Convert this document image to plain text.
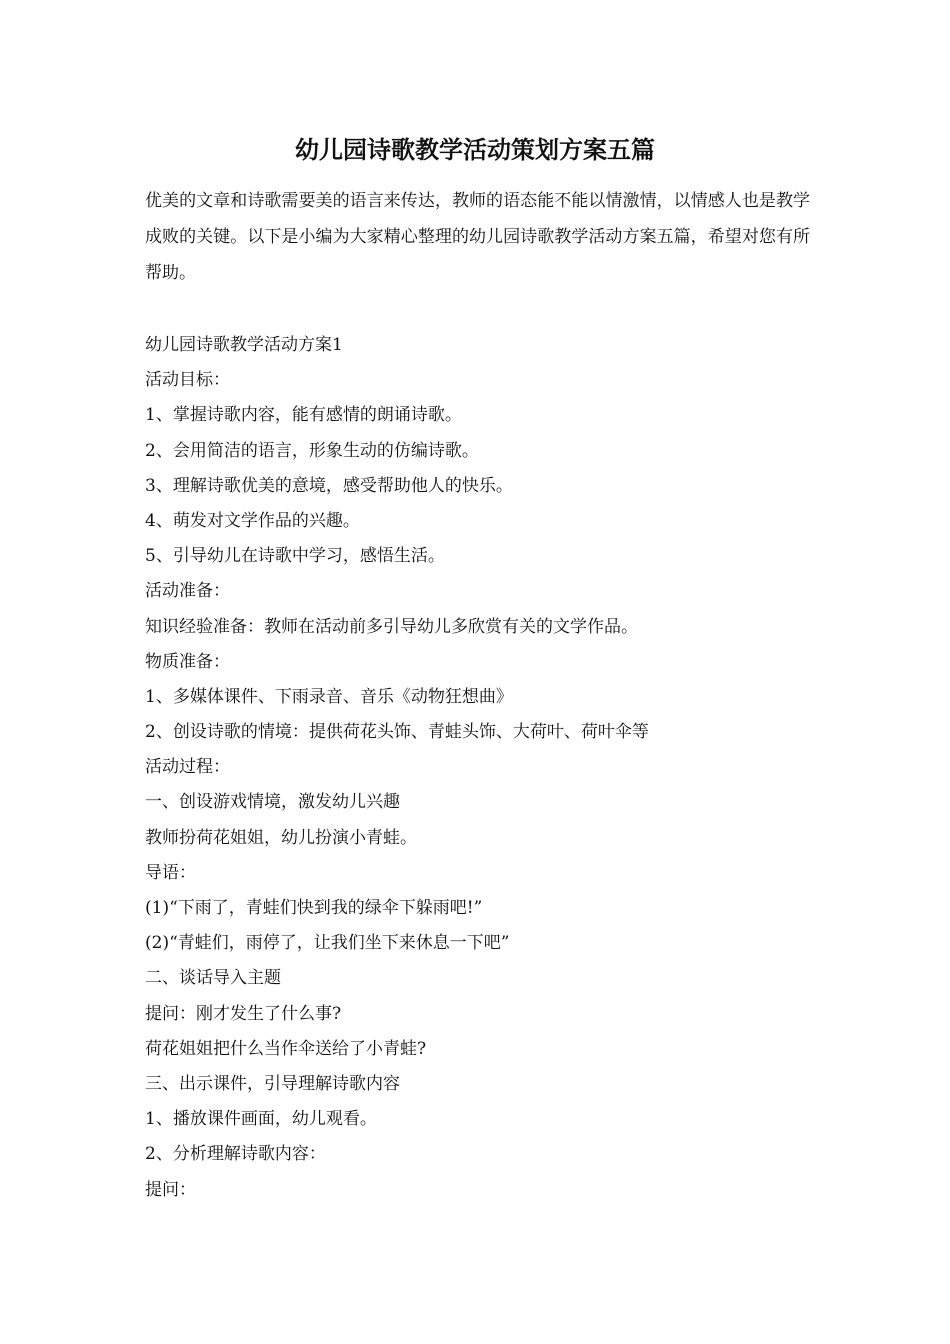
幼儿园诗歌教学活动策划方案五篇

优美的文章和诗歌需要美的语言来传达，教师的语态能不能以情激情，以情感人也是教学成败的关键。以下是小编为大家精心整理的幼儿园诗歌教学活动方案五篇，希望对您有所帮助。

幼儿园诗歌教学活动方案1
活动目标：
1、掌握诗歌内容，能有感情的朗诵诗歌。
2、会用简洁的语言，形象生动的仿编诗歌。
3、理解诗歌优美的意境，感受帮助他人的快乐。
4、萌发对文学作品的兴趣。
5、引导幼儿在诗歌中学习，感悟生活。
活动准备：
知识经验准备：教师在活动前多引导幼儿多欣赏有关的文学作品。
物质准备：
1、多媒体课件、下雨录音、音乐《动物狂想曲》
2、创设诗歌的情境：提供荷花头饰、青蛙头饰、大荷叶、荷叶伞等
活动过程：
一、创设游戏情境，激发幼儿兴趣
教师扮荷花姐姐，幼儿扮演小青蛙。
导语：
(1)“下雨了，青蛙们快到我的绿伞下躲雨吧!”
(2)“青蛙们，雨停了，让我们坐下来休息一下吧”
二、谈话导入主题
提问：刚才发生了什么事?
荷花姐姐把什么当作伞送给了小青蛙?
三、出示课件，引导理解诗歌内容
1、播放课件画面，幼儿观看。
2、分析理解诗歌内容：
提问：
